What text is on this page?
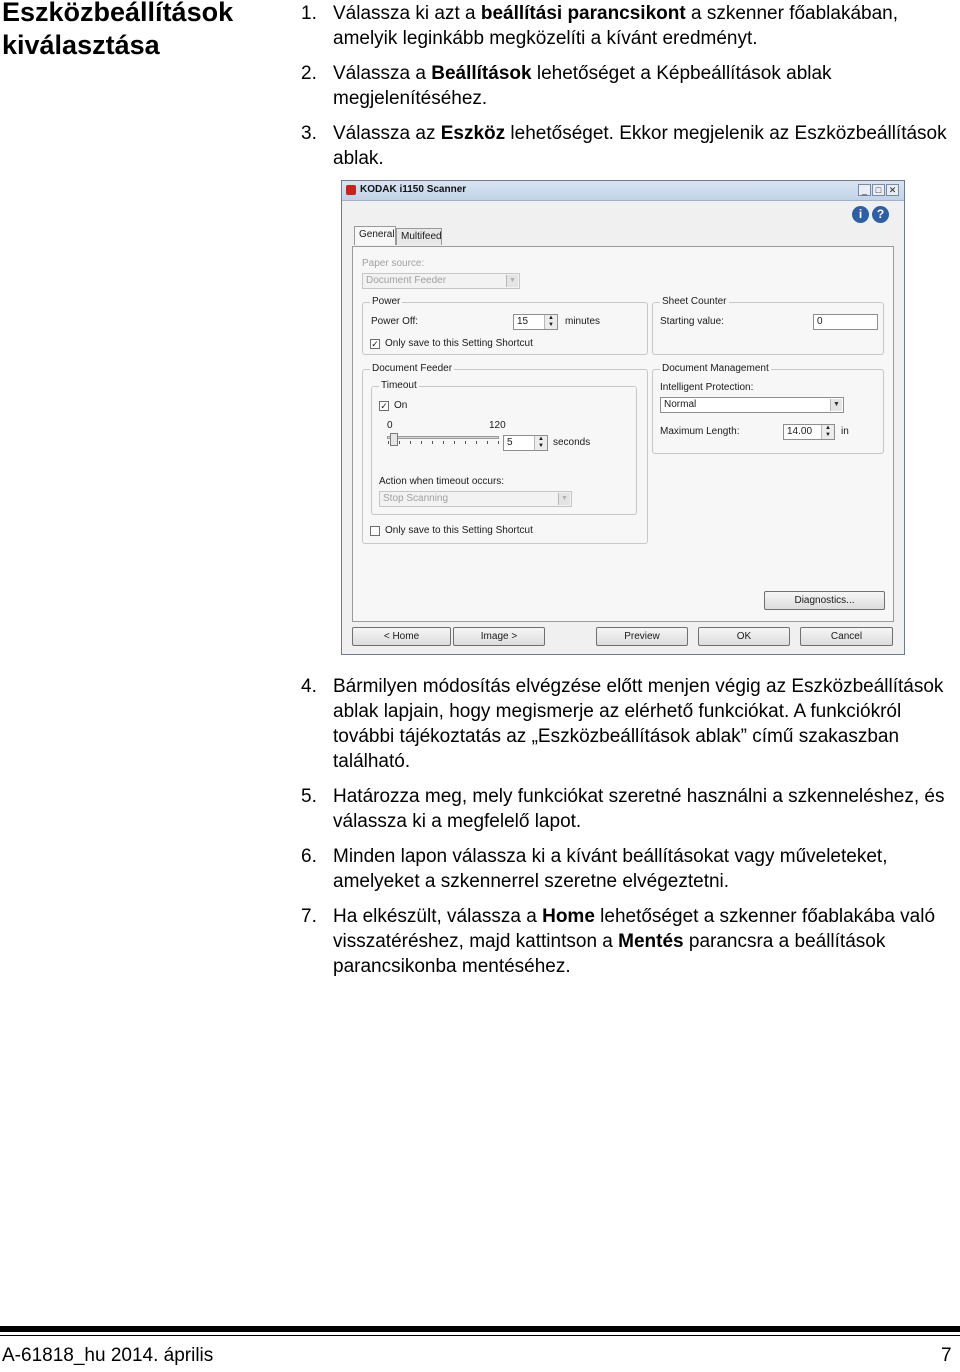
Eszközbeállítások
kiválasztása
1. Válassza ki azt a beállítási parancsikont a szkenner főablakában, amelyik leginkább megközelíti a kívánt eredményt.
2. Válassza a Beállítások lehetőséget a Képbeállítások ablak megjelenítéséhez.
3. Válassza az Eszköz lehetőséget. Ekkor megjelenik az Eszközbeállítások ablak.
KODAK i1150 Scanner	_ □ ✕
i	?
General Multifeed
Paper source:
Document Feeder	▼
Power
Power Off:	15	▲
▼	minutes
✓ Only save to this Setting Shortcut
Sheet Counter
Starting value:	0
Document Feeder
Timeout
✓ On
0	120
5	▲
▼ seconds
Action when timeout occurs:
Stop Scanning	▼
Only save to this Setting Shortcut
Document Management
Intelligent Protection:
Normal	▼
Maximum Length:	14.00	▲
▼	in
Diagnostics...
< Home	Image >	Preview	OK	Cancel
4. Bármilyen módosítás elvégzése előtt menjen végig az Eszközbeállítások ablak lapjain, hogy megismerje az elérhető funkciókat. A funkciókról további tájékoztatás az „Eszközbeállítások ablak” című szakaszban található.
5. Határozza meg, mely funkciókat szeretné használni a szkenneléshez, és válassza ki a megfelelő lapot.
6. Minden lapon válassza ki a kívánt beállításokat vagy műveleteket, amelyeket a szkennerrel szeretne elvégeztetni.
7. Ha elkészült, válassza a Home lehetőséget a szkenner főablakába való visszatéréshez, majd kattintson a Mentés parancsra a beállítások parancsikonba mentéséhez.
A-61818_hu 2014. április	7
